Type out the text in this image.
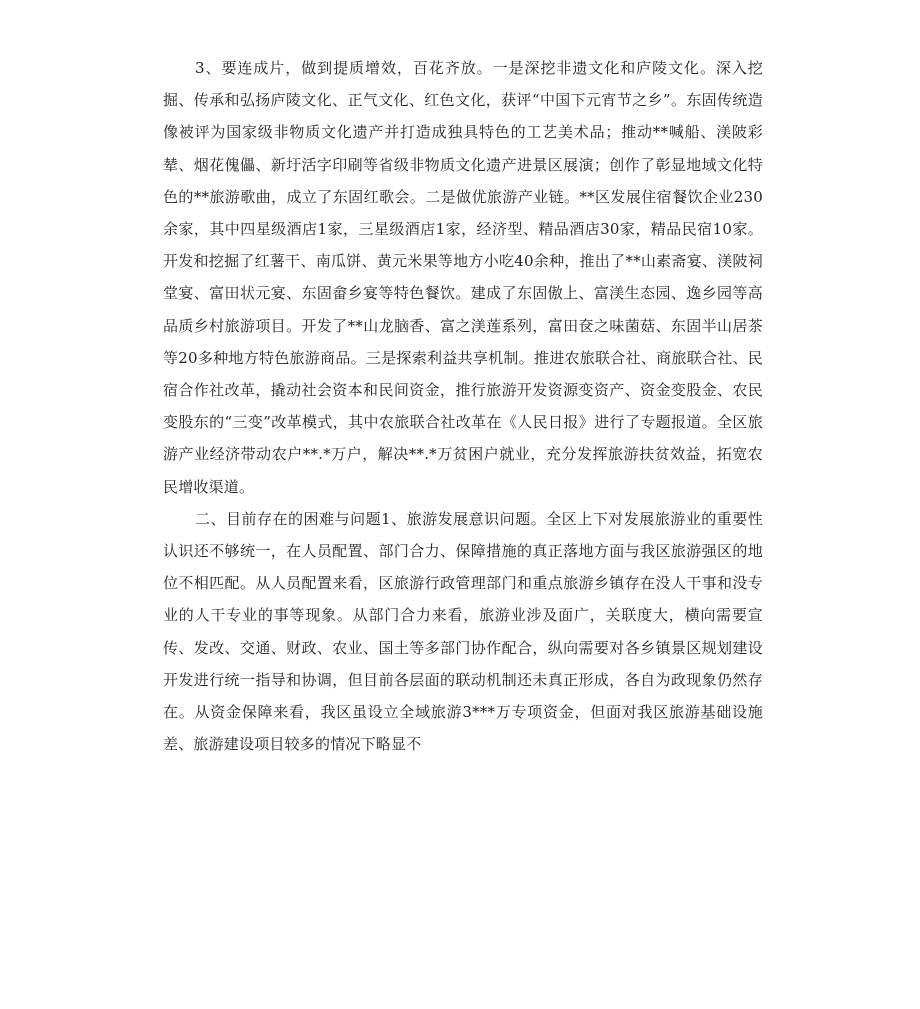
3、要连成片，做到提质增效，百花齐放。一是深挖非遗文化和庐陵文化。深入挖掘、传承和弘扬庐陵文化、正气文化、红色文化，获评“中国下元宵节之乡”。东固传统造像被评为国家级非物质文化遗产并打造成独具特色的工艺美术品；推动**喊船、渼陂彩辇、烟花傀儡、新圩活字印刷等省级非物质文化遗产进景区展演；创作了彰显地域文化特色的**旅游歌曲，成立了东固红歌会。二是做优旅游产业链。**区发展住宿餐饮企业230余家，其中四星级酒店1家，三星级酒店1家，经济型、精品酒店30家，精品民宿10家。开发和挖掘了红薯干、南瓜饼、黄元米果等地方小吃40余种，推出了**山素斋宴、渼陂祠堂宴、富田状元宴、东固畲乡宴等特色餐饮。建成了东固傲上、富渼生态园、逸乡园等高品质乡村旅游项目。开发了**山龙脑香、富之渼莲系列，富田奁之味菌菇、东固半山居茶等20多种地方特色旅游商品。三是探索利益共享机制。推进农旅联合社、商旅联合社、民宿合作社改革，撬动社会资本和民间资金，推行旅游开发资源变资产、资金变股金、农民变股东的“三变”改革模式，其中农旅联合社改革在《人民日报》进行了专题报道。全区旅游产业经济带动农户**.*万户，解决**.*万贫困户就业，充分发挥旅游扶贫效益，拓宽农民增收渠道。

二、目前存在的困难与问题1、旅游发展意识问题。全区上下对发展旅游业的重要性认识还不够统一，在人员配置、部门合力、保障措施的真正落地方面与我区旅游强区的地位不相匹配。从人员配置来看，区旅游行政管理部门和重点旅游乡镇存在没人干事和没专业的人干专业的事等现象。从部门合力来看，旅游业涉及面广，关联度大，横向需要宣传、发改、交通、财政、农业、国土等多部门协作配合，纵向需要对各乡镇景区规划建设开发进行统一指导和协调，但目前各层面的联动机制还未真正形成，各自为政现象仍然存在。从资金保障来看，我区虽设立全域旅游3***万专项资金，但面对我区旅游基础设施差、旅游建设项目较多的情况下略显不
